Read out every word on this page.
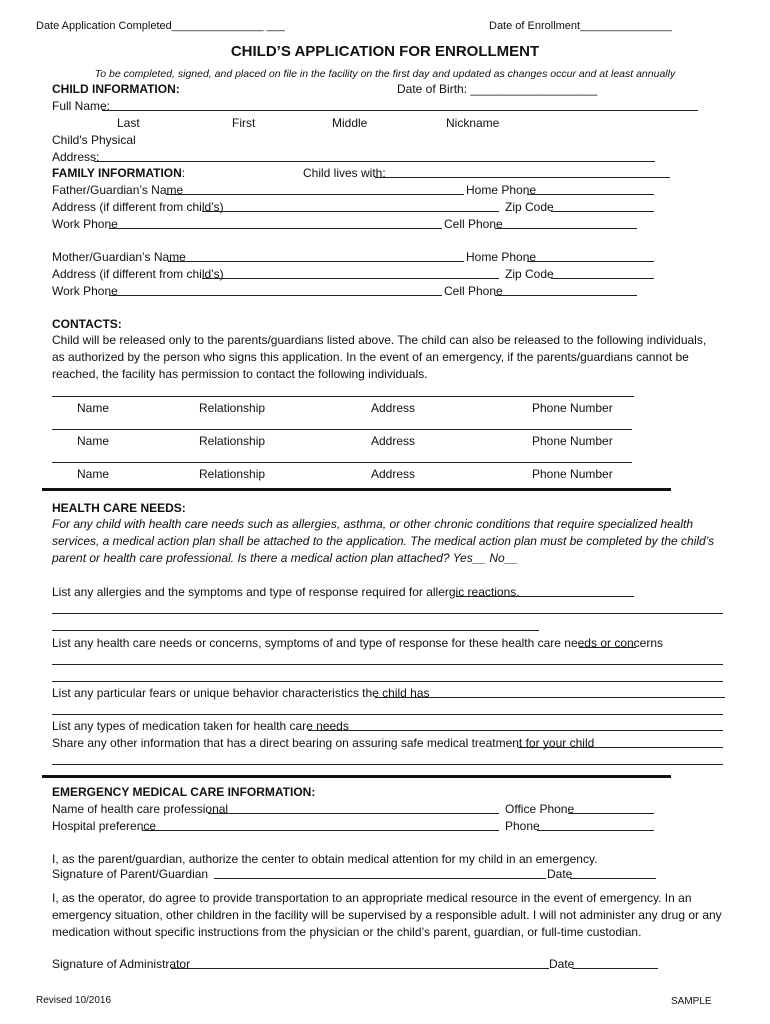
Date Application Completed_______________ ___	Date of Enrollment_______________
CHILD’S APPLICATION FOR ENROLLMENT
To be completed, signed, and placed on file in the facility on the first day and updated as changes occur and at least annually
CHILD INFORMATION:	Date of Birth: ___________________
Full Name:
Last	First	Middle	Nickname
Child's Physical
Address:
FAMILY INFORMATION:	Child lives with:
Father/Guardian’s Name	Home Phone
Address (if different from child’s)	Zip Code
Work Phone	Cell Phone
Mother/Guardian’s Name	Home Phone
Address (if different from child’s)	Zip Code
Work Phone	Cell Phone
CONTACTS:
Child will be released only to the parents/guardians listed above. The child can also be released to the following individuals, as authorized by the person who signs this application. In the event of an emergency, if the parents/guardians cannot be reached, the facility has permission to contact the following individuals.
Name	Relationship	Address	Phone Number
Name	Relationship	Address	Phone Number
Name	Relationship	Address	Phone Number
HEALTH CARE NEEDS:
For any child with health care needs such as allergies, asthma, or other chronic conditions that require specialized health services, a medical action plan shall be attached to the application. The medical action plan must be completed by the child’s parent or health care professional. Is there a medical action plan attached? Yes__ No__
List any allergies and the symptoms and type of response required for allergic reactions.
List any health care needs or concerns, symptoms of and type of response for these health care needs or concerns
List any particular fears or unique behavior characteristics the child has
List any types of medication taken for health care needs
Share any other information that has a direct bearing on assuring safe medical treatment for your child
EMERGENCY MEDICAL CARE INFORMATION:
Name of health care professional	Office Phone
Hospital preference	Phone
I, as the parent/guardian, authorize the center to obtain medical attention for my child in an emergency.
Signature of Parent/Guardian	Date
I, as the operator, do agree to provide transportation to an appropriate medical resource in the event of emergency. In an emergency situation, other children in the facility will be supervised by a responsible adult. I will not administer any drug or any medication without specific instructions from the physician or the child’s parent, guardian, or full-time custodian.
Signature of Administrator	Date
Revised 10/2016	SAMPLE
